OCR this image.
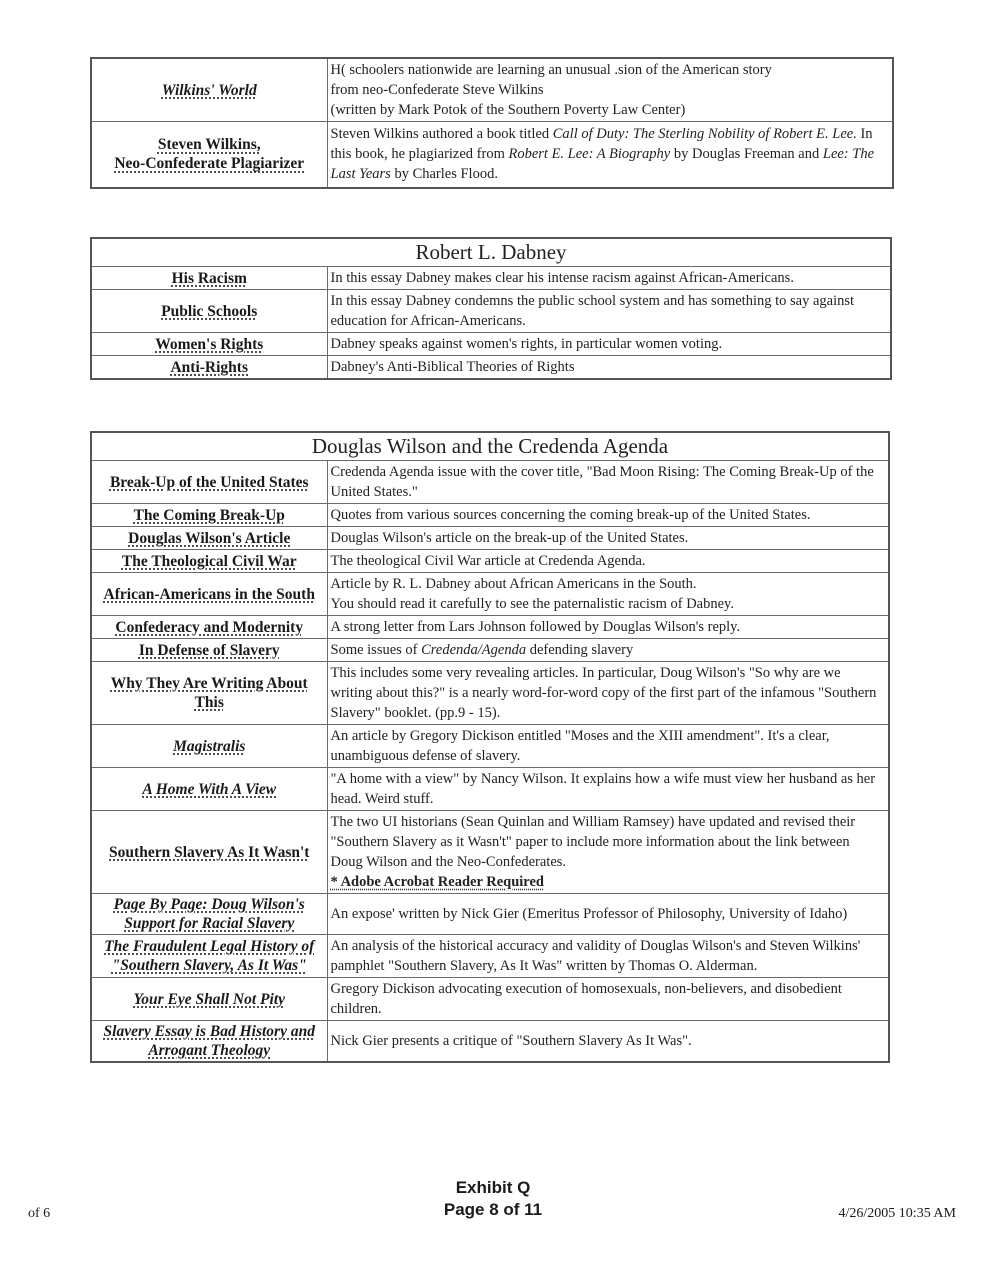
Wilkins' World	H( schoolers nationwide are learning an unusual .sion of the American story
from neo-Confederate Steve Wilkins
(written by Mark Potok of the Southern Poverty Law Center)

Steven Wilkins,
Neo-Confederate Plagiarizer	Steven Wilkins authored a book titled Call of Duty: The Sterling Nobility of Robert E. Lee. In this book, he plagiarized from Robert E. Lee: A Biography by Douglas Freeman and Lee: The Last Years by Charles Flood.
Robert L. Dabney	
His Racism	In this essay Dabney makes clear his intense racism against African-Americans.
Public Schools	In this essay Dabney condemns the public school system and has something to say against education for African-Americans.
Women's Rights	Dabney speaks against women's rights, in particular women voting.
Anti-Rights	Dabney's Anti-Biblical Theories of Rights
Douglas Wilson and the Credenda Agenda	
Break-Up of the United States	Credenda Agenda issue with the cover title, "Bad Moon Rising: The Coming Break-Up of the United States."
The Coming Break-Up	Quotes from various sources concerning the coming break-up of the United States.
Douglas Wilson's Article	Douglas Wilson's article on the break-up of the United States.
The Theological Civil War	The theological Civil War article at Credenda Agenda.
African-Americans in the South	Article by R. L. Dabney about African Americans in the South.
You should read it carefully to see the paternalistic racism of Dabney.

Confederacy and Modernity	A strong letter from Lars Johnson followed by Douglas Wilson's reply.
In Defense of Slavery	Some issues of Credenda/Agenda defending slavery
Why They Are Writing About This	This includes some very revealing articles. In particular, Doug Wilson's "So why are we writing about this?" is a nearly word-for-word copy of the first part of the infamous "Southern Slavery" booklet. (pp.9 - 15).
Magistralis	An article by Gregory Dickison entitled "Moses and the XIII amendment". It's a clear, unambiguous defense of slavery.
A Home With A View	"A home with a view" by Nancy Wilson. It explains how a wife must view her husband as her head. Weird stuff.
Southern Slavery As It Wasn't	The two UI historians (Sean Quinlan and William Ramsey) have updated and revised their "Southern Slavery as it Wasn't" paper to include more information about the link between Doug Wilson and the Neo-Confederates.
* Adobe Acrobat Reader Required

Page By Page: Doug Wilson's Support for Racial Slavery	An expose' written by Nick Gier (Emeritus Professor of Philosophy, University of Idaho)
The Fraudulent Legal History of "Southern Slavery, As It Was"	An analysis of the historical accuracy and validity of Douglas Wilson's and Steven Wilkins' pamphlet "Southern Slavery, As It Was" written by Thomas O. Alderman.
Your Eye Shall Not Pity	Gregory Dickison advocating execution of homosexuals, non-believers, and disobedient children.
Slavery Essay is Bad History and Arrogant Theology	Nick Gier presents a critique of "Southern Slavery As It Was".
Exhibit Q
Page 8 of 11
of 6	4/26/2005 10:35 AM
